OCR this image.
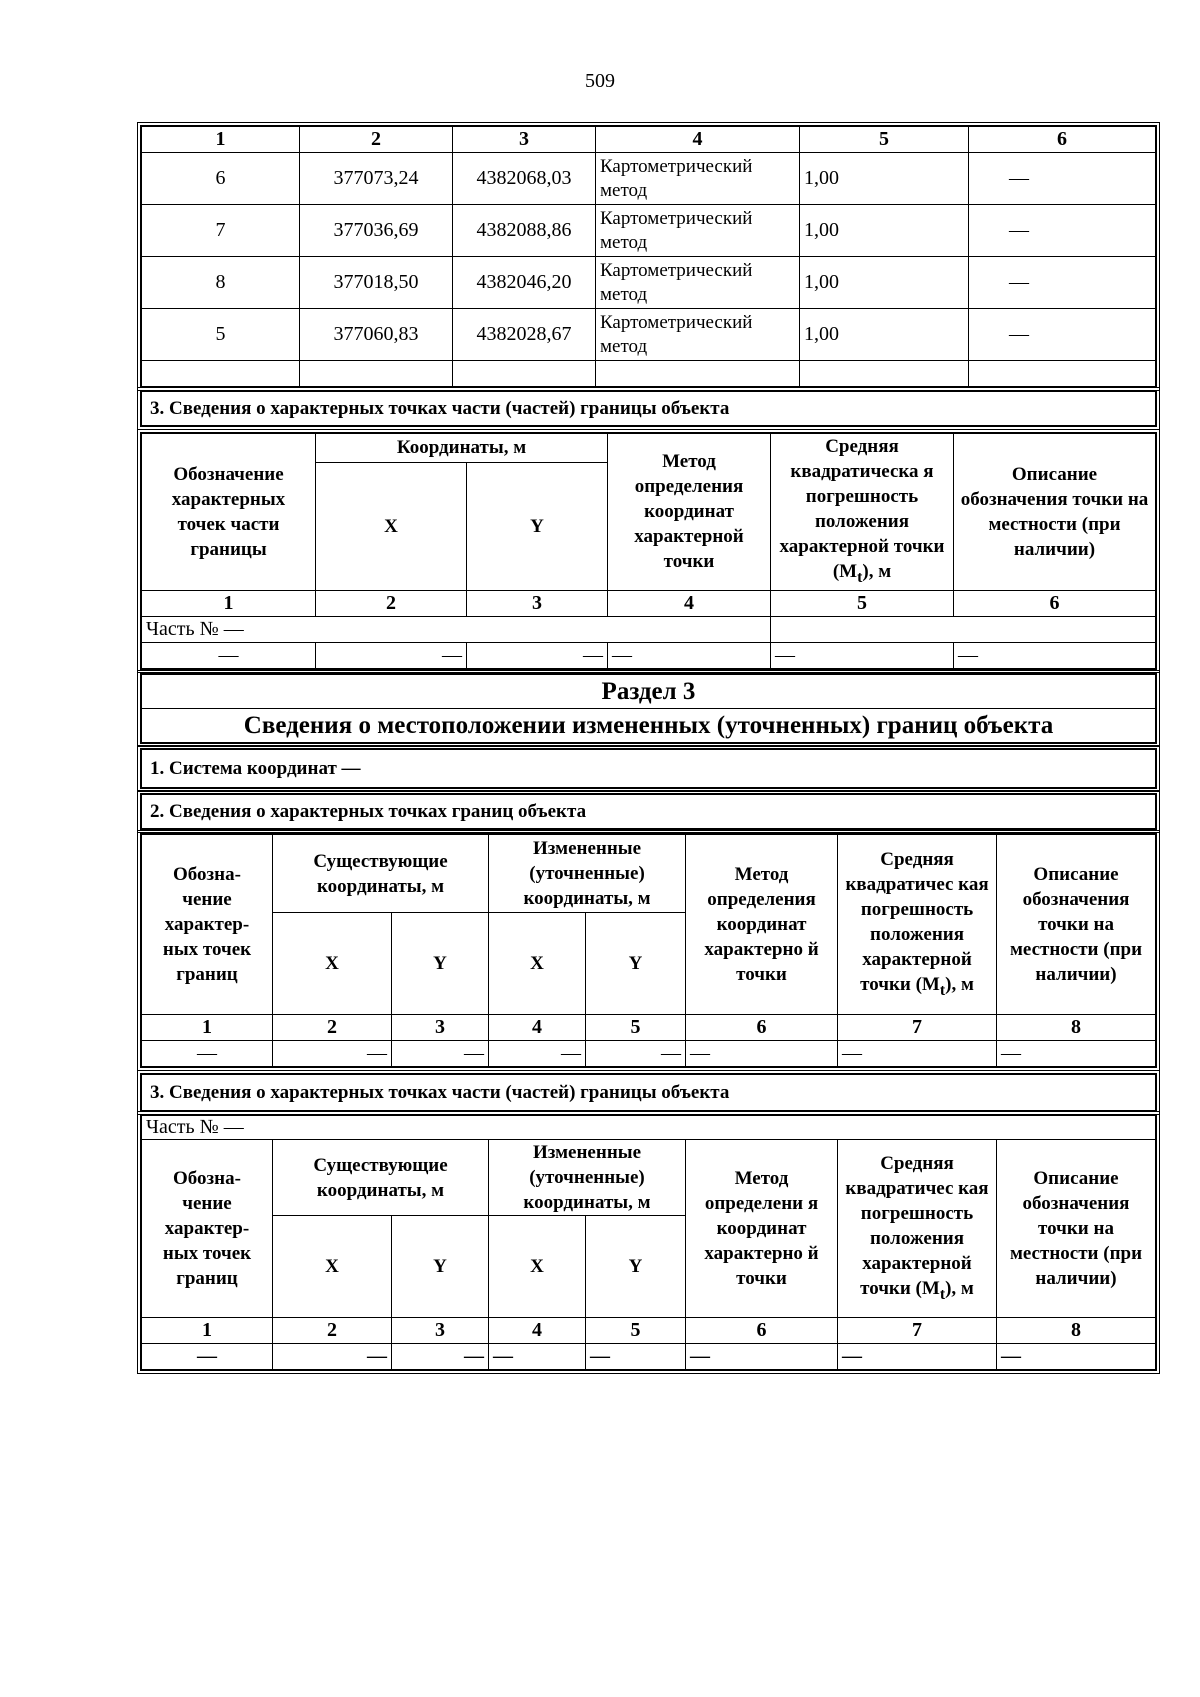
509
1	2	3	4	5	6
6	377073,24	4382068,03	Картометрический метод	1,00	—
7	377036,69	4382088,86	Картометрический метод	1,00	—
8	377018,50	4382046,20	Картометрический метод	1,00	—
5	377060,83	4382028,67	Картометрический метод	1,00	—

3. Сведения о характерных точках части (частей) границы объекта
Обозначение характерных точек части границы	Координаты, м		Метод определения координат характерной точки	Средняя квадратическа я погрешность положения характерной точки $(M_t)$, м	Описание обозначения точки на местности (при наличии)
	X	Y			
1	2	3	4	5	6
Часть № —					
—	—	—	—	—	—
Раздел 3
Сведения о местоположении измененных (уточненных) границ объекта
1. Система координат —
2. Сведения о характерных точках границ объекта
Обозна- чение характер- ных точек границ	Существующие координаты, м		Измененные (уточненные) координаты, м		Метод определения координат характерно й точки	Средняя квадратичес кая погрешность положения характерной точки $(M_t)$, м	Описание обозначения точки на местности (при наличии)
	X	Y	X	Y			
1	2	3	4	5	6	7	8
—	—	—	—	—	—	—	—
3. Сведения о характерных точках части (частей) границы объекта
Часть № —							
Обозна- чение характер- ных точек границ	Существующие координаты, м		Измененные (уточненные) координаты, м		Метод определени я координат характерно й точки	Средняя квадратичес кая погрешность положения характерной точки $(M_t)$, м	Описание обозначения точки на местности (при наличии)
	X	Y	X	Y			
1	2	3	4	5	6	7	8
—	—	—	—	—	—	—	—
